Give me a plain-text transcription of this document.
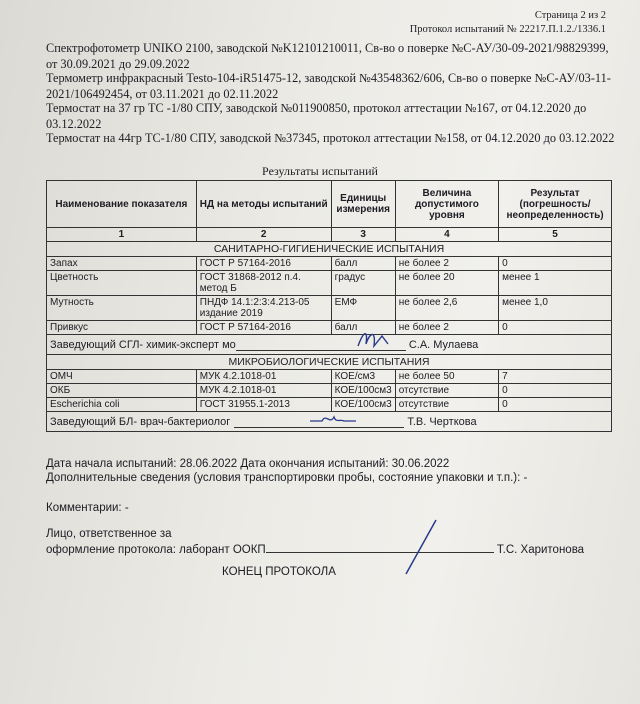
Страница 2 из 2
Протокол испытаний № 22217.П.1.2./1336.1
Спектрофотометр UNIKO 2100, заводской №K12101210011, Св-во о поверке №С-АУ/30-09-2021/98829399, от 30.09.2021 до 29.09.2022
Термометр инфракрасный Testo-104-iR51475-12, заводской №43548362/606, Св-во о поверке №С-АУ/03-11-2021/106492454, от 03.11.2021 до 02.11.2022
Термостат на 37 гр ТС -1/80 СПУ, заводской №011900850, протокол аттестации №167, от 04.12.2020 до 03.12.2022
Термостат на 44гр ТС-1/80 СПУ, заводской №37345, протокол аттестации №158, от 04.12.2020 до 03.12.2022
Результаты испытаний
Наименование показателя	НД на методы испытаний	Единицы измерения	Величина допустимого уровня	Результат (погрешность/ неопределенность)
1	2	3	4	5
САНИТАРНО-ГИГИЕНИЧЕСКИЕ ИСПЫТАНИЯ				
Запах	ГОСТ Р 57164-2016	балл	не более 2	0
Цветность	ГОСТ 31868-2012 п.4. метод Б	градус	не более 20	менее 1
Мутность	ПНДФ 14.1:2:3:4.213-05 издание 2019	ЕМФ	не более 2,6	менее 1,0
Привкус	ГОСТ Р 57164-2016	балл	не более 2	0
Заведующий СГЛ- химик-эксперт мо С.А. Мулаева				
МИКРОБИОЛОГИЧЕСКИЕ ИСПЫТАНИЯ				
ОМЧ	МУК 4.2.1018-01	КОЕ/см3	не более 50	7
ОКБ	МУК 4.2.1018-01	КОЕ/100см3	отсутствие	0
Escherichia coli	ГОСТ 31955.1-2013	КОЕ/100см3	отсутствие	0
Заведующий БЛ- врач-бактериолог Т.В. Черткова				
Дата начала испытаний: 28.06.2022 Дата окончания испытаний: 30.06.2022
Дополнительные сведения (условия транспортировки пробы, состояние упаковки и т.п.): -
Комментарии: -
Лицо, ответственное за
оформление протокола: лаборант ООКП	Т.С. Харитонова
КОНЕЦ ПРОТОКОЛА
